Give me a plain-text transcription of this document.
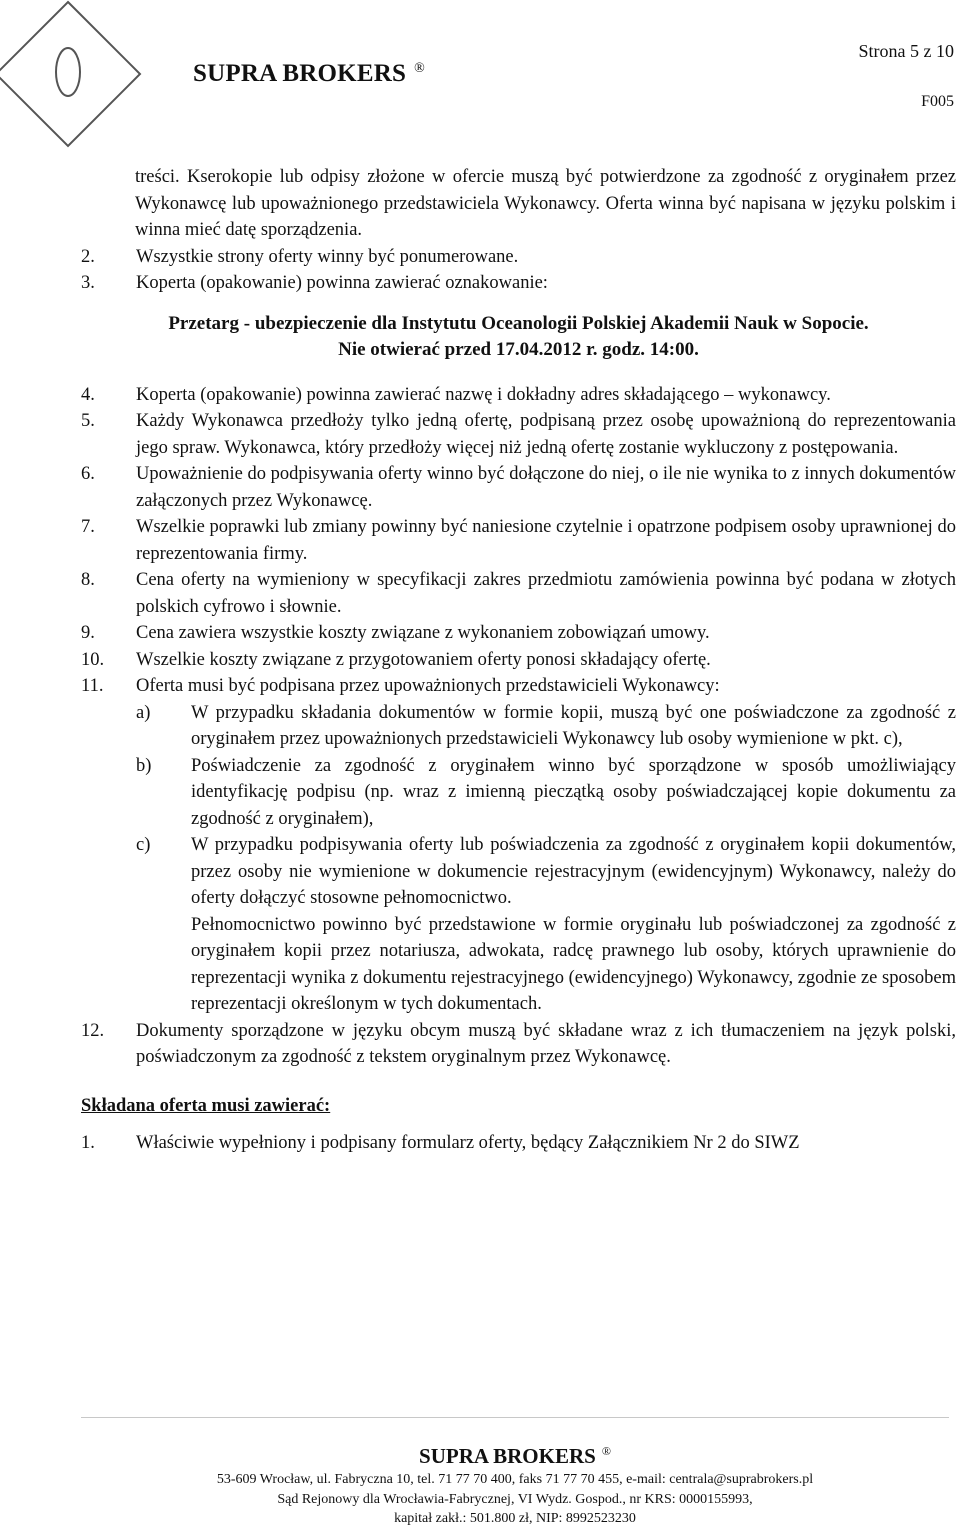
SUPRA BROKERS ®
Strona 5 z 10
F005

treści. Kserokopie lub odpisy złożone w ofercie muszą być potwierdzone za zgodność z oryginałem przez Wykonawcę lub upoważnionego przedstawiciela Wykonawcy. Oferta winna być napisana w języku polskim i winna mieć datę sporządzenia.

2.	Wszystkie strony oferty winny być ponumerowane.
3.	Koperta (opakowanie) powinna zawierać oznakowanie:
Przetarg - ubezpieczenie dla Instytutu Oceanologii Polskiej Akademii Nauk w Sopocie.
Nie otwierać przed 17.04.2012 r. godz. 14:00.
4.	Koperta (opakowanie) powinna zawierać nazwę i dokładny adres składającego – wykonawcy.
5.	Każdy Wykonawca przedłoży tylko jedną ofertę, podpisaną przez osobę upoważnioną do reprezentowania jego spraw. Wykonawca, który przedłoży więcej niż jedną ofertę zostanie wykluczony z postępowania.
6.	Upoważnienie do podpisywania oferty winno być dołączone do niej, o ile nie wynika to z innych dokumentów załączonych przez Wykonawcę.
7.	Wszelkie poprawki lub zmiany powinny być naniesione czytelnie i opatrzone podpisem osoby uprawnionej do reprezentowania firmy.
8.	Cena oferty na wymieniony w specyfikacji zakres przedmiotu zamówienia powinna być podana w złotych polskich cyfrowo i słownie.
9.	Cena zawiera wszystkie koszty związane z wykonaniem zobowiązań umowy.
10.	Wszelkie koszty związane z przygotowaniem oferty ponosi składający ofertę.
11.	Oferta musi być podpisana przez upoważnionych przedstawicieli Wykonawcy:
a)	W przypadku składania dokumentów w formie kopii, muszą być one poświadczone za zgodność z oryginałem przez upoważnionych przedstawicieli Wykonawcy lub osoby wymienione w pkt. c),
b)	Poświadczenie za zgodność z oryginałem winno być sporządzone w sposób umożliwiający identyfikację podpisu (np. wraz z imienną pieczątką osoby poświadczającej kopie dokumentu za zgodność z oryginałem),
c)	W przypadku podpisywania oferty lub poświadczenia za zgodność z oryginałem kopii dokumentów, przez osoby nie wymienione w dokumencie rejestracyjnym (ewidencyjnym) Wykonawcy, należy do oferty dołączyć stosowne pełnomocnictwo.

Pełnomocnictwo powinno być przedstawione w formie oryginału lub poświadczonej za zgodność z oryginałem kopii przez notariusza, adwokata, radcę prawnego lub osoby, których uprawnienie do reprezentacji wynika z dokumentu rejestracyjnego (ewidencyjnego) Wykonawcy, zgodnie ze sposobem reprezentacji określonym w tych dokumentach.

12.	Dokumenty sporządzone w języku obcym muszą być składane wraz z ich tłumaczeniem na język polski, poświadczonym za zgodność z tekstem oryginalnym przez Wykonawcę.
Składana oferta musi zawierać:
1.	Właściwie wypełniony i podpisany formularz oferty, będący Załącznikiem Nr 2 do SIWZ
SUPRA BROKERS ®
53-609 Wrocław, ul. Fabryczna 10, tel. 71 77 70 400, faks 71 77 70 455, e-mail: centrala@suprabrokers.pl
Sąd Rejonowy dla Wrocławia-Fabrycznej, VI Wydz. Gospod., nr KRS: 0000155993,
kapitał zakł.: 501.800 zł, NIP: 8992523230
